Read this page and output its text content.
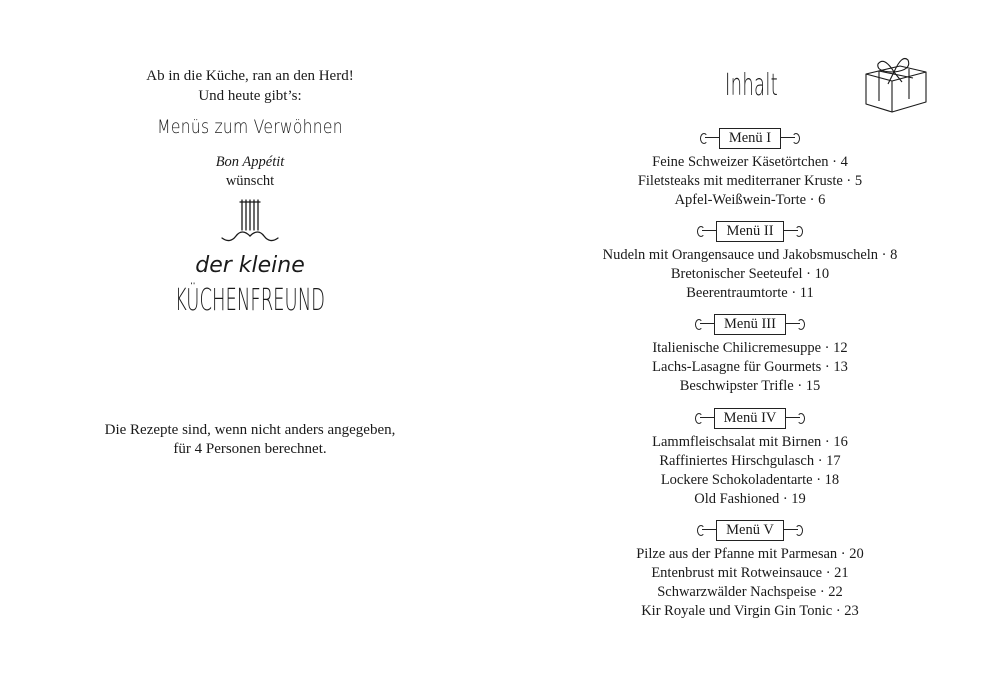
Ab in die Küche, ran an den Herd!
Und heute gibt’s:
Menüs zum Verwöhnen
Bon Appétit
wünscht
der kleine
KÜCHENFREUND
Die Rezepte sind, wenn nicht anders angegeben,
für 4 Personen berechnet.
Inhalt
Menü I
Feine Schweizer Käsetörtchen · 4
Filetsteaks mit mediterraner Kruste · 5
Apfel-Weißwein-Torte · 6
Menü II
Nudeln mit Orangensauce und Jakobsmuscheln · 8
Bretonischer Seeteufel · 10
Beerentraumtorte · 11
Menü III
Italienische Chilicremesuppe · 12
Lachs-Lasagne für Gourmets · 13
Beschwipster Trifle · 15
Menü IV
Lammfleischsalat mit Birnen · 16
Raffiniertes Hirschgulasch · 17
Lockere Schokoladentarte · 18
Old Fashioned · 19
Menü V
Pilze aus der Pfanne mit Parmesan · 20
Entenbrust mit Rotweinsauce · 21
Schwarzwälder Nachspeise · 22
Kir Royale und Virgin Gin Tonic · 23
